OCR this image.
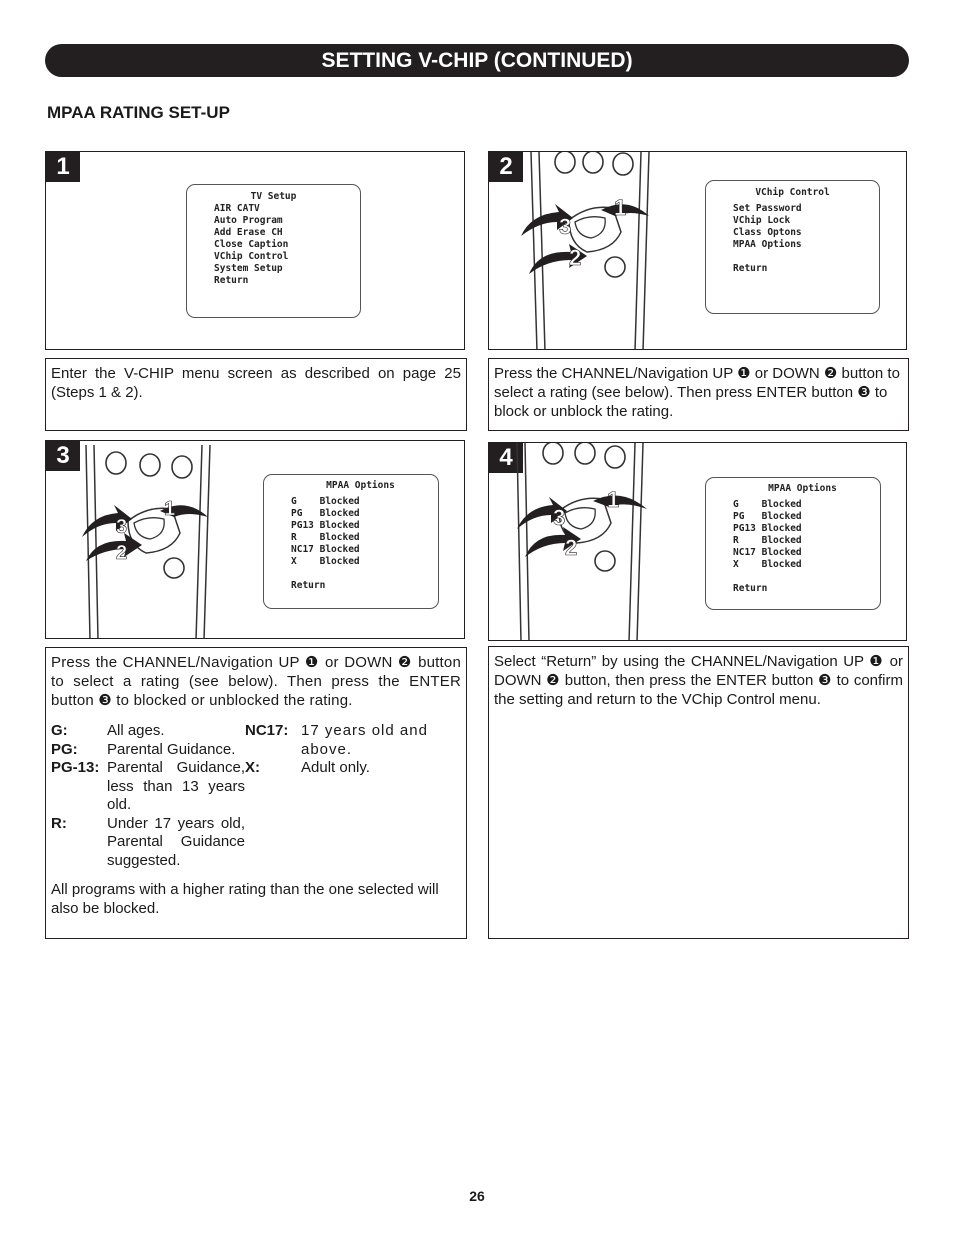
SETTING V-CHIP (CONTINUED)
MPAA RATING SET-UP
1
TV Setup
AIR CATV
Auto Program
Add Erase CH
Close Caption
VChip Control
System Setup
Return
Enter the V-CHIP menu screen as described on page 25 (Steps 1 & 2).
2
1
2
3
VChip Control
Set Password
VChip Lock
Class Optons
MPAA Options
Return
Press the CHANNEL/Navigation UP ❶ or DOWN ❷ button to select a rating (see below). Then press ENTER button ❸ to block or unblock the rating.
3
1
2
3
MPAA Options
G    Blocked
PG   Blocked
PG13 Blocked
R    Blocked
NC17 Blocked
X    Blocked
Return
Press the CHANNEL/Navigation UP ❶ or DOWN ❷ button to select a rating (see below). Then press the ENTER button ❸ to blocked or unblocked the rating.
G:	All ages.
PG:	Parental Guidance.
PG-13: Parental Guidance, less than 13 years old.
R:	Under 17 years old, Parental Guidance suggested.
NC17: 17 years old and above.
X:	Adult only.
All programs with a higher rating than the one selected will also be blocked.
4
1
2
3
MPAA Options
G    Blocked
PG   Blocked
PG13 Blocked
R    Blocked
NC17 Blocked
X    Blocked
Return
Select “Return” by using the CHANNEL/Navigation UP ❶ or DOWN ❷ button, then press the ENTER button ❸ to confirm the setting and return to the VChip Control menu.
26
